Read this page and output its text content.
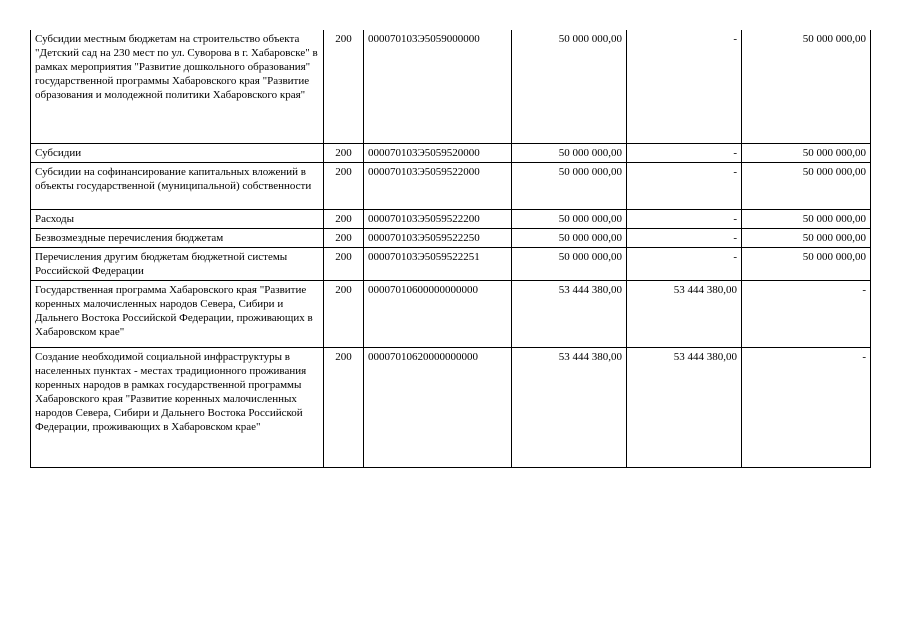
Субсидии местным бюджетам на строительство объекта "Детский сад на 230 мест по ул. Суворова в г. Хабаровске" в рамках мероприятия "Развитие дошкольного образования" государственной программы Хабаровского края "Развитие образования и молодежной политики Хабаровского края"	200	000070103Э5059000000	50 000 000,00	-	50 000 000,00
Субсидии	200	000070103Э5059520000	50 000 000,00	-	50 000 000,00
Субсидии на софинансирование капитальных вложений в объекты государственной (муниципальной) собственности	200	000070103Э5059522000	50 000 000,00	-	50 000 000,00
Расходы	200	000070103Э5059522200	50 000 000,00	-	50 000 000,00
Безвозмездные перечисления бюджетам	200	000070103Э5059522250	50 000 000,00	-	50 000 000,00
Перечисления другим бюджетам бюджетной системы Российской Федерации	200	000070103Э5059522251	50 000 000,00	-	50 000 000,00
Государственная программа Хабаровского края "Развитие коренных малочисленных народов Севера, Сибири и Дальнего Востока Российской Федерации, проживающих в Хабаровском крае"	200	00007010600000000000	53 444 380,00	53 444 380,00	-
Создание необходимой социальной инфраструктуры в населенных пунктах - местах традиционного проживания коренных народов в рамках государственной программы Хабаровского края "Развитие коренных малочисленных народов Севера, Сибири и Дальнего Востока Российской Федерации, проживающих в Хабаровском крае"	200	00007010620000000000	53 444 380,00	53 444 380,00	-
